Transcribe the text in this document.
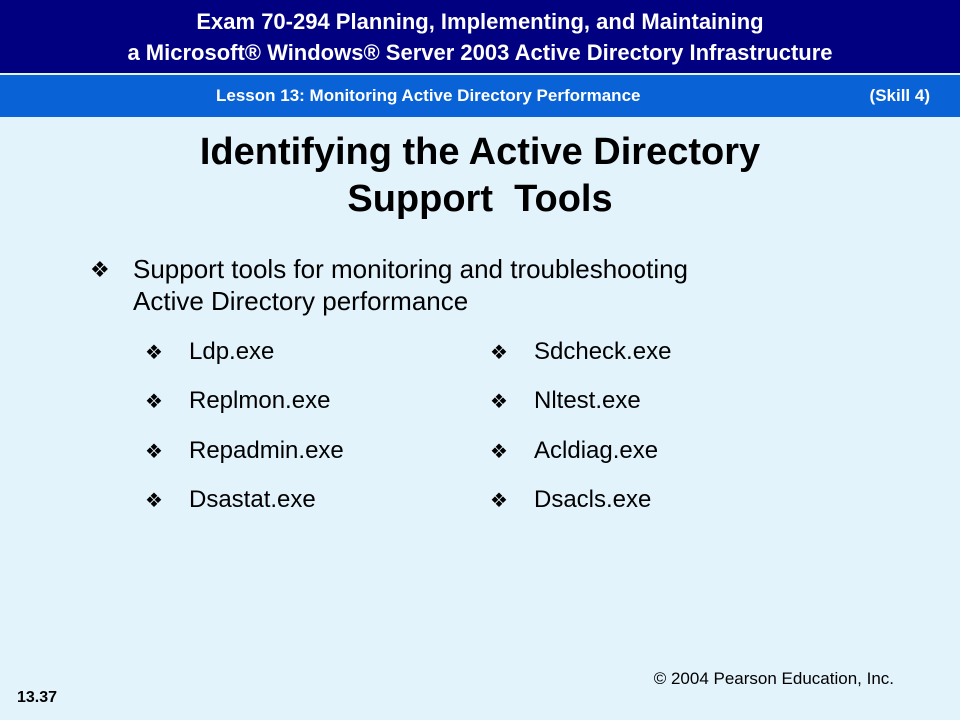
Exam 70-294 Planning, Implementing, and Maintaining
a Microsoft® Windows® Server 2003 Active Directory Infrastructure
Lesson 13: Monitoring Active Directory Performance	(Skill 4)
Identifying the Active Directory
Support  Tools
❖ Support tools for monitoring and troubleshooting
Active Directory performance
❖ Ldp.exe
❖ Replmon.exe
❖ Repadmin.exe
❖ Dsastat.exe
❖ Sdcheck.exe
❖ Nltest.exe
❖ Acldiag.exe
❖ Dsacls.exe
13.37
© 2004 Pearson Education, Inc.
